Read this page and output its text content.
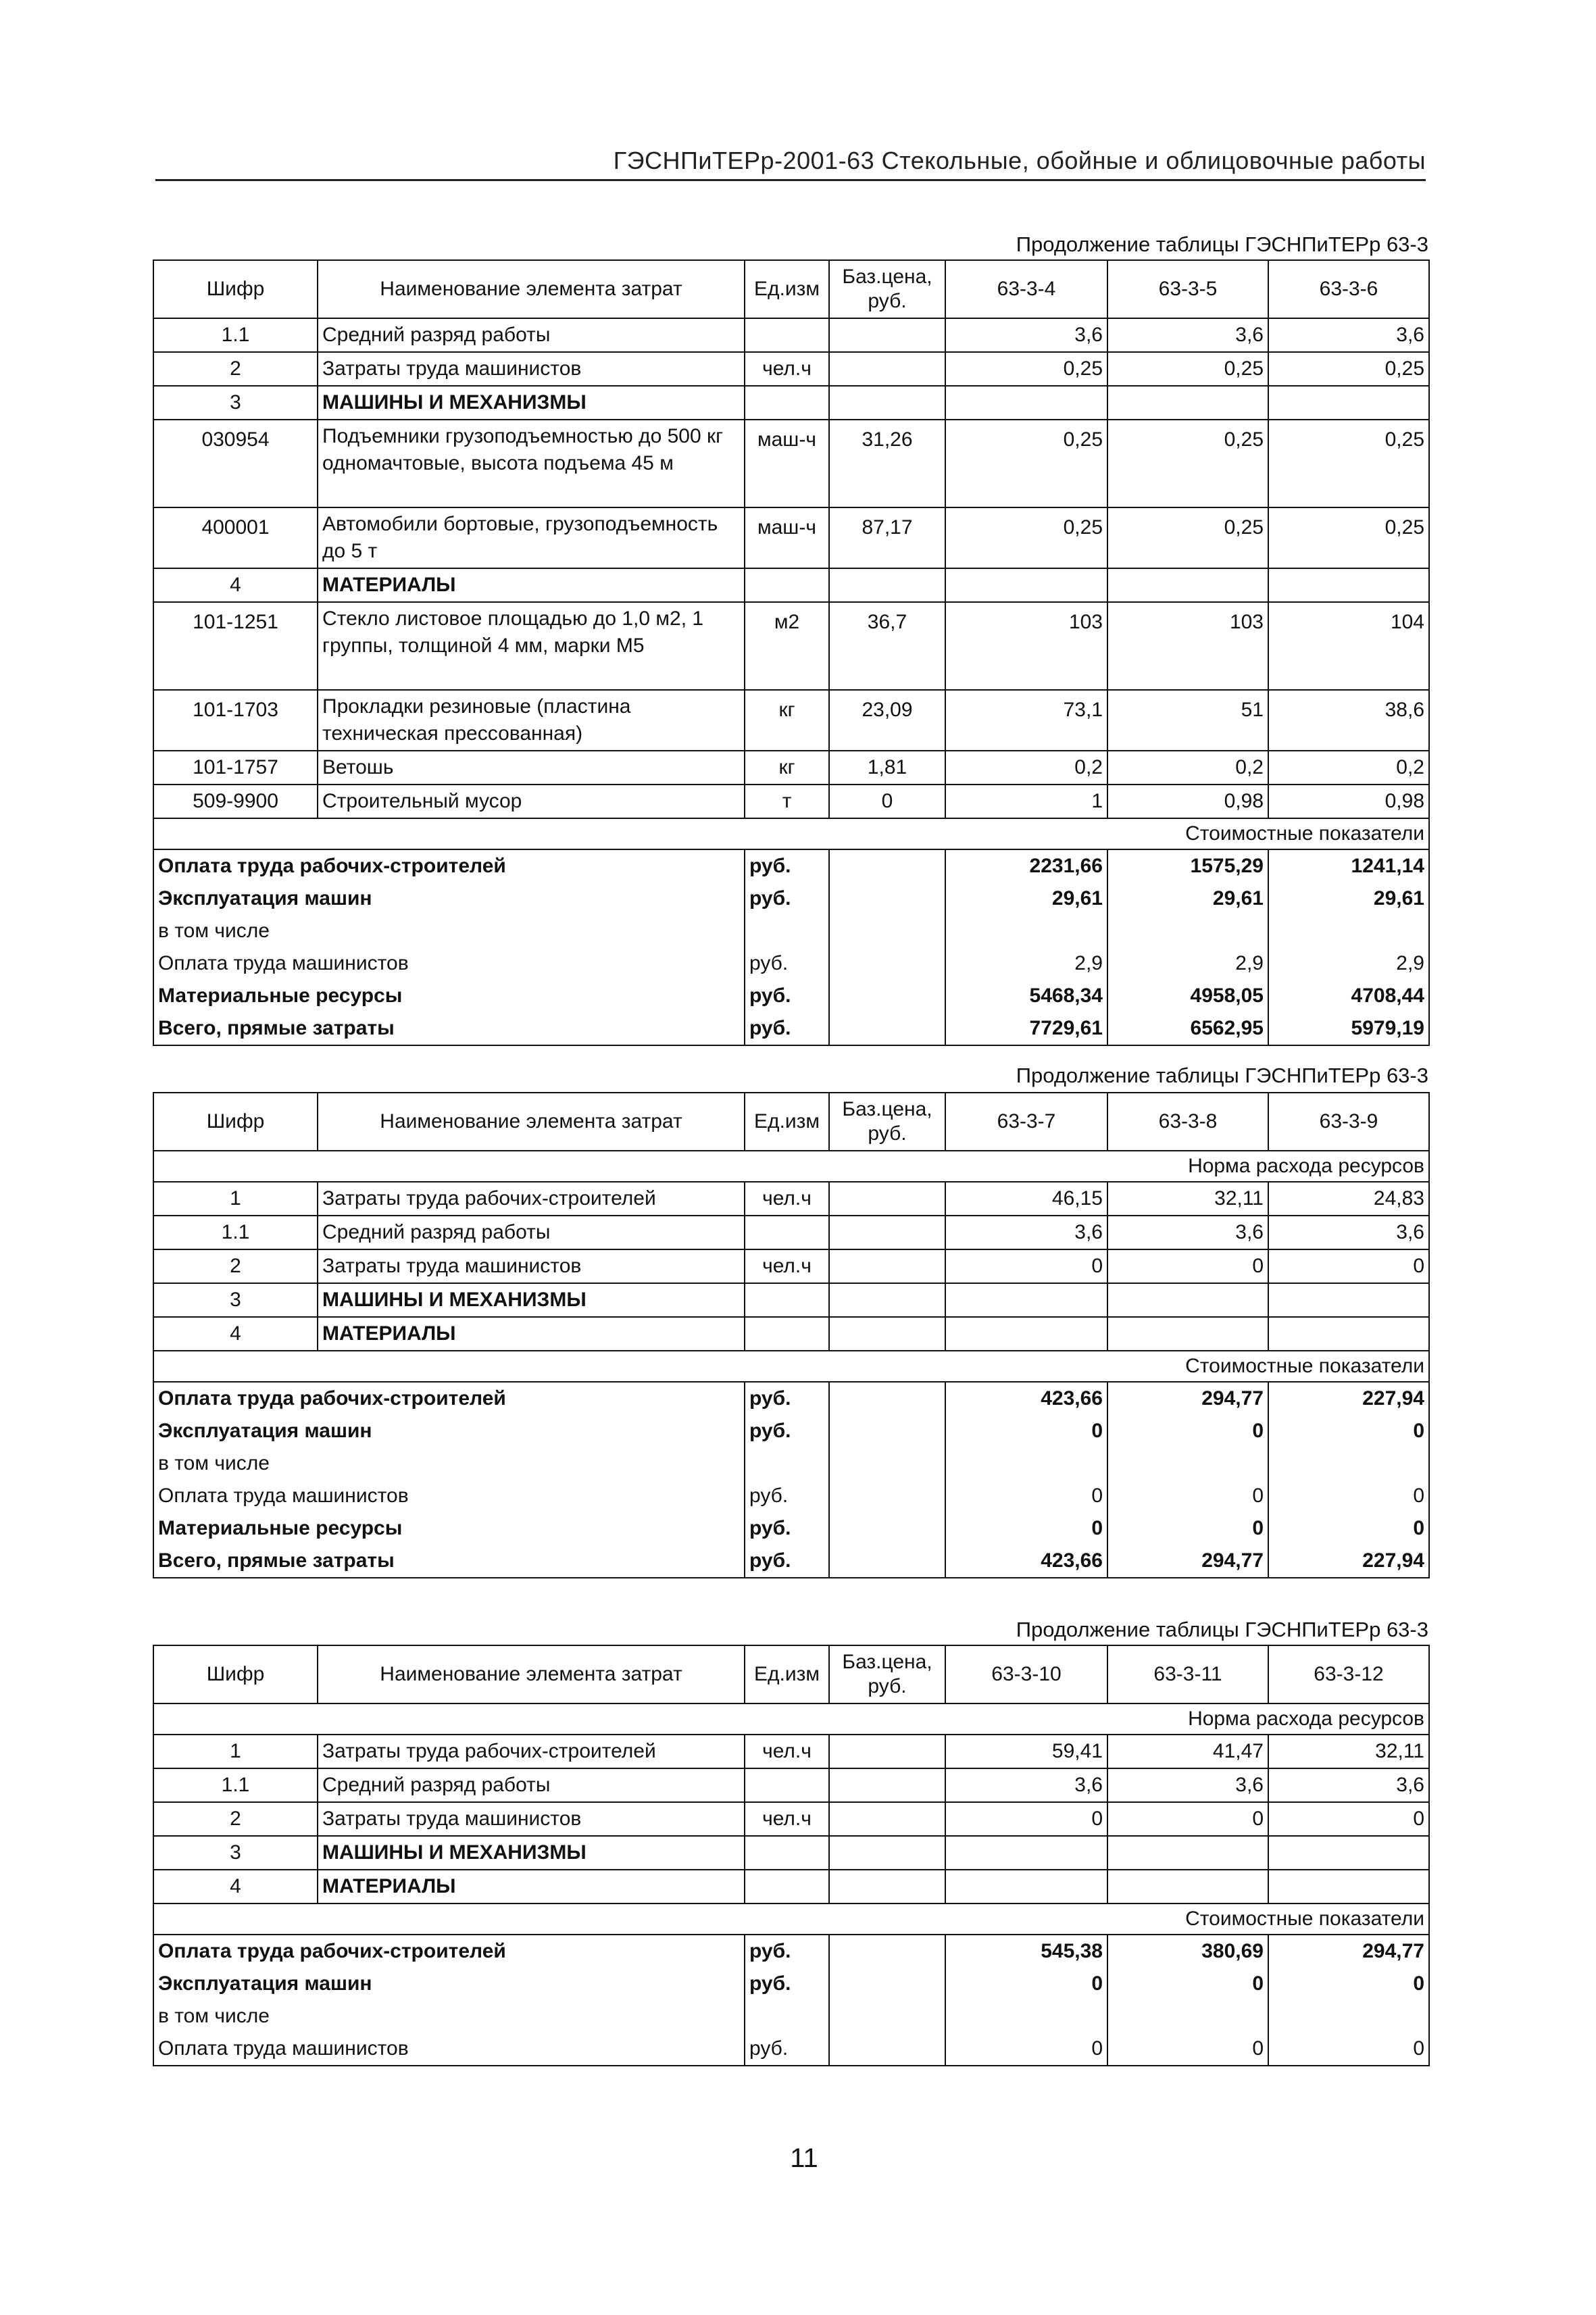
ГЭСНПиТЕРр-2001-63 Стекольные, обойные и облицовочные работы
Продолжение таблицы ГЭСНПиТЕРр 63-3
Шифр	Наименование элемента затрат	Ед.изм	Баз.цена, руб.	63-3-4	63-3-5	63-3-6
1.1	Средний разряд работы			3,6	3,6	3,6
2	Затраты труда машинистов	чел.ч		0,25	0,25	0,25
3	МАШИНЫ И МЕХАНИЗМЫ					
030954	Подъемники грузоподъемностью до 500 кг одномачтовые, высота подъема 45 м	маш-ч	31,26	0,25	0,25	0,25
400001	Автомобили бортовые, грузоподъемность до 5 т	маш-ч	87,17	0,25	0,25	0,25
4	МАТЕРИАЛЫ					
101-1251	Стекло листовое площадью до 1,0 м2, 1 группы, толщиной 4 мм, марки М5	м2	36,7	103	103	104
101-1703	Прокладки резиновые (пластина техническая прессованная)	кг	23,09	73,1	51	38,6
101-1757	Ветошь	кг	1,81	0,2	0,2	0,2
509-9900	Строительный мусор	т	0	1	0,98	0,98
Стоимостные показатели						
Оплата труда рабочих-строителей		руб.		2231,66	1575,29	1241,14
Эксплуатация машин		руб.		29,61	29,61	29,61
в том числе						
Оплата труда машинистов		руб.		2,9	2,9	2,9
Материальные ресурсы		руб.		5468,34	4958,05	4708,44
Всего, прямые затраты		руб.		7729,61	6562,95	5979,19
Продолжение таблицы ГЭСНПиТЕРр 63-3
Шифр	Наименование элемента затрат	Ед.изм	Баз.цена, руб.	63-3-7	63-3-8	63-3-9
Норма расхода ресурсов						
1	Затраты труда рабочих-строителей	чел.ч		46,15	32,11	24,83
1.1	Средний разряд работы			3,6	3,6	3,6
2	Затраты труда машинистов	чел.ч		0	0	0
3	МАШИНЫ И МЕХАНИЗМЫ					
4	МАТЕРИАЛЫ					
Стоимостные показатели						
Оплата труда рабочих-строителей		руб.		423,66	294,77	227,94
Эксплуатация машин		руб.		0	0	0
в том числе						
Оплата труда машинистов		руб.		0	0	0
Материальные ресурсы		руб.		0	0	0
Всего, прямые затраты		руб.		423,66	294,77	227,94
Продолжение таблицы ГЭСНПиТЕРр 63-3
Шифр	Наименование элемента затрат	Ед.изм	Баз.цена, руб.	63-3-10	63-3-11	63-3-12
Норма расхода ресурсов						
1	Затраты труда рабочих-строителей	чел.ч		59,41	41,47	32,11
1.1	Средний разряд работы			3,6	3,6	3,6
2	Затраты труда машинистов	чел.ч		0	0	0
3	МАШИНЫ И МЕХАНИЗМЫ					
4	МАТЕРИАЛЫ					
Стоимостные показатели						
Оплата труда рабочих-строителей		руб.		545,38	380,69	294,77
Эксплуатация машин		руб.		0	0	0
в том числе						
Оплата труда машинистов		руб.		0	0	0
11
